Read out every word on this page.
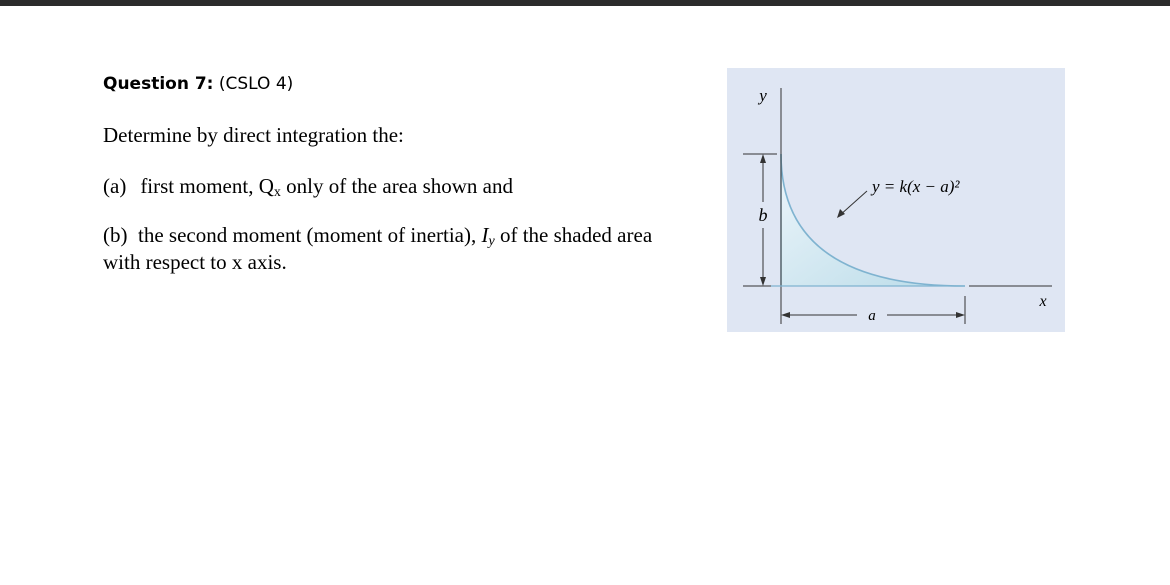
Question 7: (CSLO 4)
Determine by direct integration the:
(a) first moment, $Q_x$ only of the area shown and
(b) the second moment (moment of inertia), $I_y$ of the shaded area
with respect to x axis.
y
x
b
a
y = k(x − a)²
